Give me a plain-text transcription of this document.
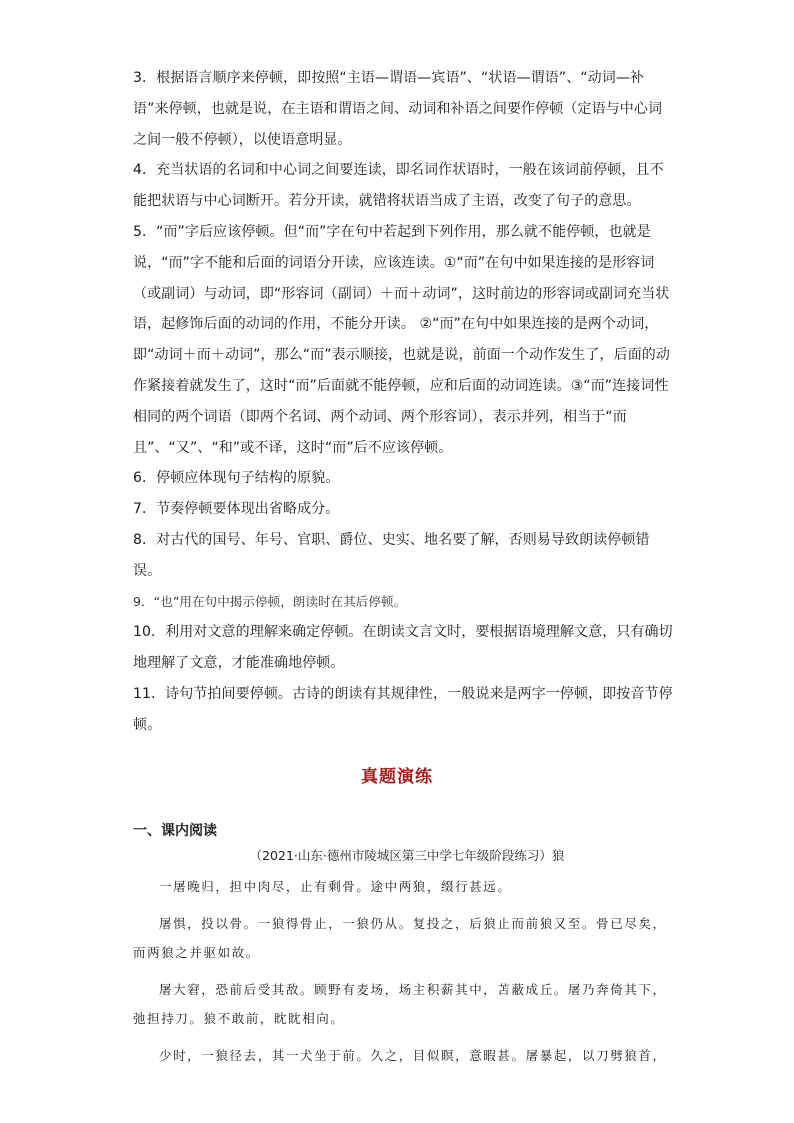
3．根据语言顺序来停顿，即按照“主语—谓语—宾语”、“状语—谓语”、“动词—补语”来停顿，也就是说，在主语和谓语之间、动词和补语之间要作停顿（定语与中心词之间一般不停顿），以使语意明显。

4．充当状语的名词和中心词之间要连读，即名词作状语时，一般在该词前停顿，且不能把状语与中心词断开。若分开读，就错将状语当成了主语，改变了句子的意思。

5．“而”字后应该停顿。但“而”字在句中若起到下列作用，那么就不能停顿，也就是说，“而”字不能和后面的词语分开读，应该连读。①“而”在句中如果连接的是形容词（或副词）与动词，即“形容词（副词）＋而＋动词”，这时前边的形容词或副词充当状语，起修饰后面的动词的作用，不能分开读。 ②“而”在句中如果连接的是两个动词，即“动词＋而＋动词”，那么“而”表示顺接，也就是说，前面一个动作发生了，后面的动作紧接着就发生了，这时“而”后面就不能停顿，应和后面的动词连读。③“而”连接词性相同的两个词语（即两个名词、两个动词、两个形容词），表示并列，相当于“而且”、“又”、“和”或不译，这时“而”后不应该停顿。

6．停顿应体现句子结构的原貌。

7．节奏停顿要体现出省略成分。

8．对古代的国号、年号、官职、爵位、史实、地名要了解，否则易导致朗读停顿错误。

9．“也”用在句中揭示停顿，朗读时在其后停顿。

10．利用对文意的理解来确定停顿。在朗读文言文时，要根据语境理解文意，只有确切地理解了文意，才能准确地停顿。

11．诗句节拍间要停顿。古诗的朗读有其规律性，一般说来是两字一停顿，即按音节停顿。

真题演练
一、课内阅读
（2021·山东·德州市陵城区第三中学七年级阶段练习）狼

一屠晚归，担中肉尽，止有剩骨。途中两狼，缀行甚远。

屠惧，投以骨。一狼得骨止，一狼仍从。复投之，后狼止而前狼又至。骨已尽矣，而两狼之并驱如故。

屠大窘，恐前后受其敌。顾野有麦场，场主积薪其中，苫蔽成丘。屠乃奔倚其下，弛担持刀。狼不敢前，眈眈相向。

少时，一狼径去，其一犬坐于前。久之，目似瞑，意暇甚。屠暴起，以刀劈狼首，
